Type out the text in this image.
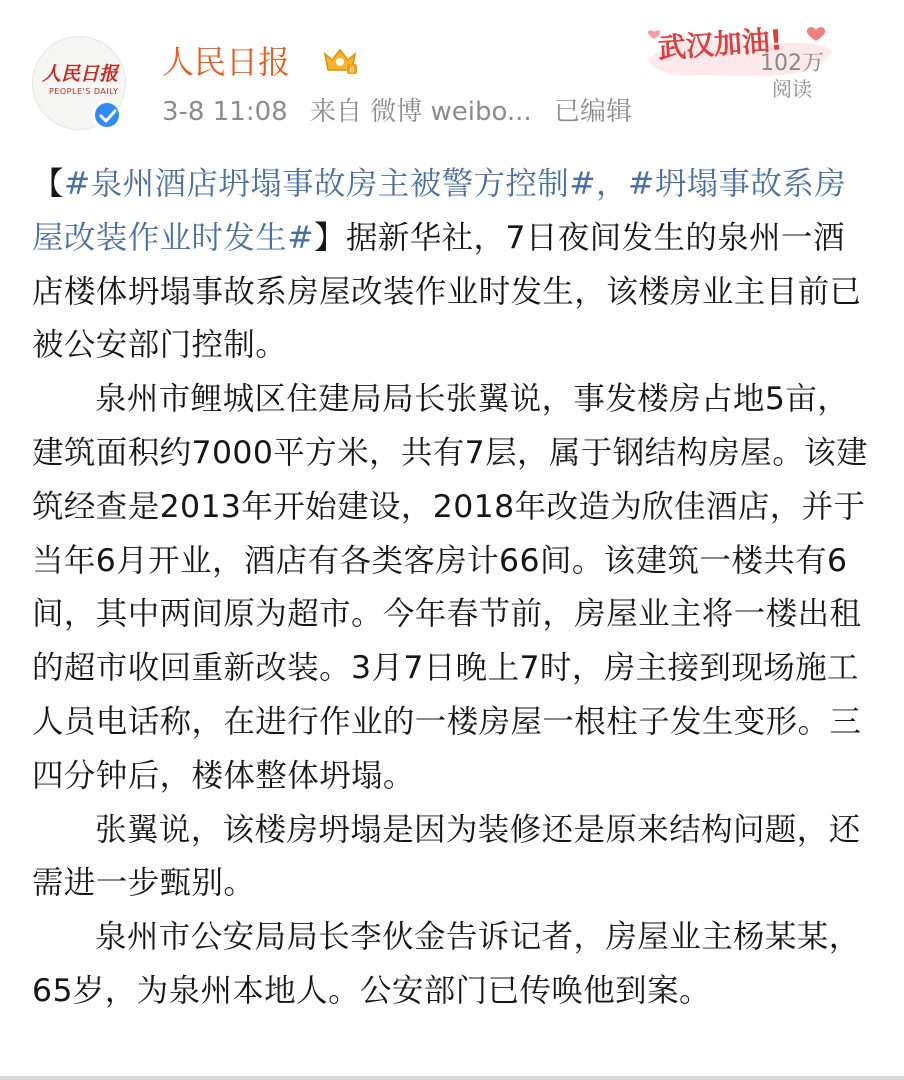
人民日报
PEOPLE'S DAILY
人民日报	6
3-8 11:08 来自 微博 weibo... 已编辑
武汉加油!
102万
阅读

【#泉州酒店坍塌事故房主被警方控制#，#坍塌事故系房屋改装作业时发生#】据新华社，7日夜间发生的泉州一酒店楼体坍塌事故系房屋改装作业时发生，该楼房业主目前已被公安部门控制。

泉州市鲤城区住建局局长张翼说，事发楼房占地5亩，建筑面积约7000平方米，共有7层，属于钢结构房屋。该建筑经查是2013年开始建设，2018年改造为欣佳酒店，并于当年6月开业，酒店有各类客房计66间。该建筑一楼共有6间，其中两间原为超市。今年春节前，房屋业主将一楼出租的超市收回重新改装。3月7日晚上7时，房主接到现场施工人员电话称，在进行作业的一楼房屋一根柱子发生变形。三四分钟后，楼体整体坍塌。

张翼说，该楼房坍塌是因为装修还是原来结构问题，还需进一步甄别。

泉州市公安局局长李伙金告诉记者，房屋业主杨某某，65岁，为泉州本地人。公安部门已传唤他到案。
